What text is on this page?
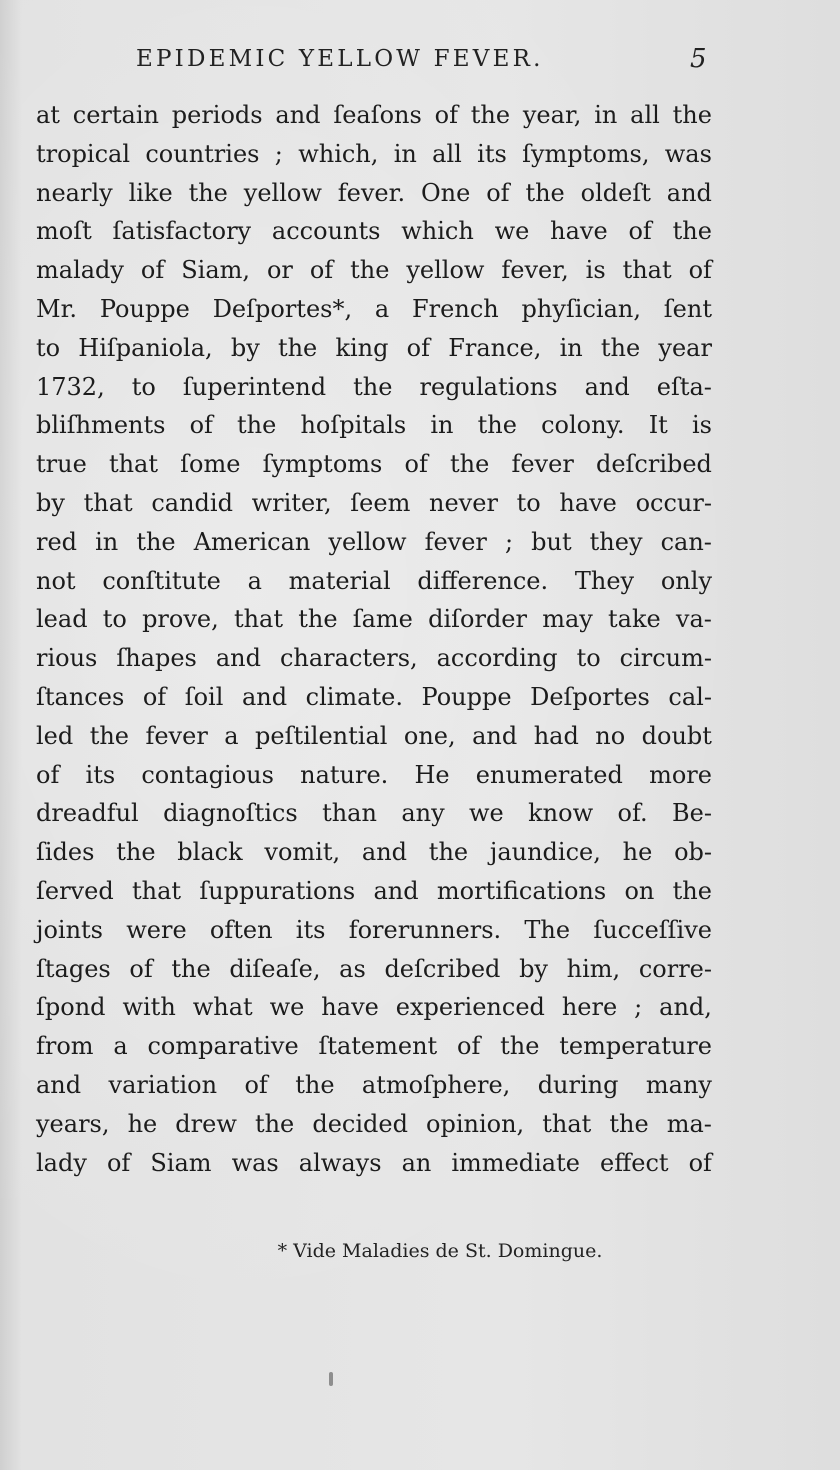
EPIDEMIC YELLOW FEVER.	5
at certain periods and ſeaſons of the year, in all the
tropical countries ; which, in all its ſymptoms, was
nearly like the yellow fever. One of the oldeſt and
moſt ſatisfactory accounts which we have of the
malady of Siam, or of the yellow fever, is that of
Mr. Pouppe Deſportes*, a French phyſician, ſent
to Hiſpaniola, by the king of France, in the year
1732, to ſuperintend the regulations and eſta-
bliſhments of the hoſpitals in the colony. It is
true that ſome ſymptoms of the fever deſcribed
by that candid writer, ſeem never to have occur-
red in the American yellow fever ; but they can-
not conſtitute a material difference. They only
lead to prove, that the ſame diſorder may take va-
rious ſhapes and characters, according to circum-
ſtances of ſoil and climate. Pouppe Deſportes cal-
led the fever a peſtilential one, and had no doubt
of its contagious nature. He enumerated more
dreadful diagnoſtics than any we know of. Be-
ſides the black vomit, and the jaundice, he ob-
ſerved that ſuppurations and mortifications on the
joints were often its forerunners. The ſucceſſive
ſtages of the diſeaſe, as deſcribed by him, corre-
ſpond with what we have experienced here ; and,
from a comparative ſtatement of the temperature
and variation of the atmoſphere, during many
years, he drew the decided opinion, that the ma-
lady of Siam was always an immediate effect of
* Vide Maladies de St. Domingue.
